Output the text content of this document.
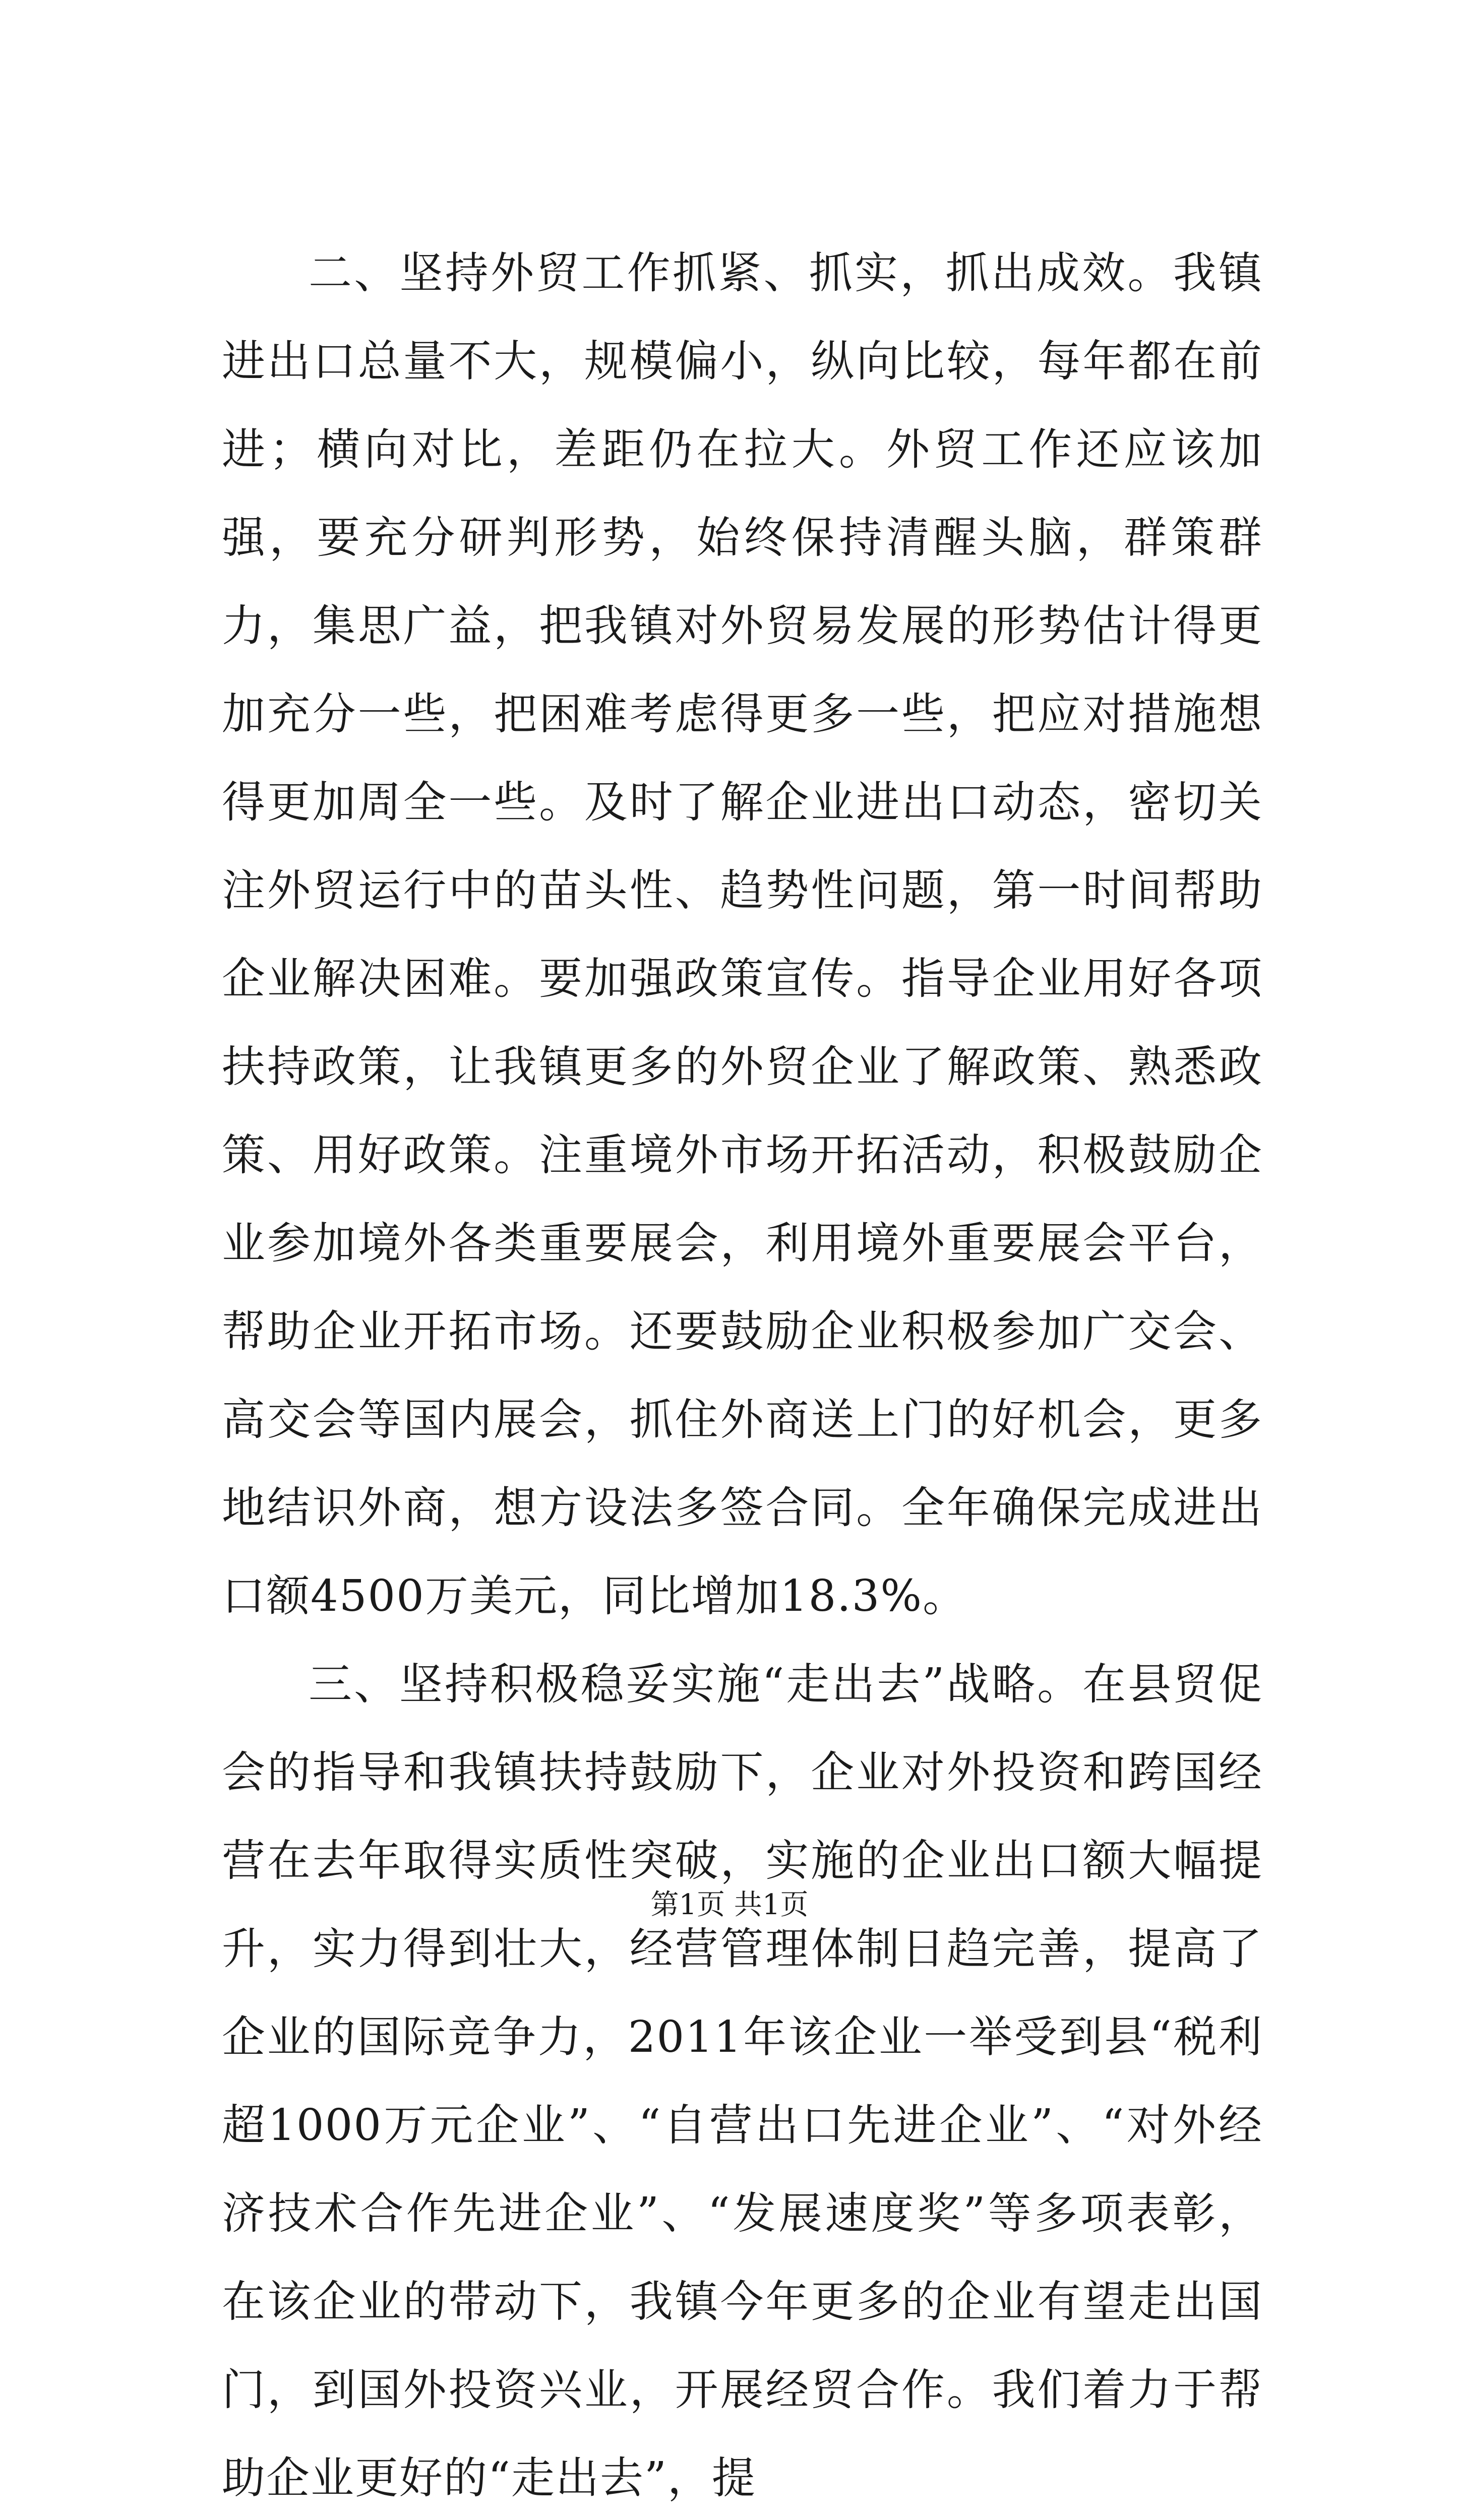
二、坚持外贸工作抓紧、抓实，抓出成效。我镇进出口总量不大，规模偏小，纵向比较，每年都在前进；横向对比，差距仍在拉大。外贸工作还应该加强，要充分研判形势，始终保持清醒头脑，群策群力，集思广益，把我镇对外贸易发展的形势估计得更加充分一些，把困难考虑得更多一些，把应对措施想得更加周全一些。及时了解企业进出口动态，密切关注外贸运行中的苗头性、趋势性问题，第一时间帮助企业解决困难。要加强政策宣传。指导企业用好各项扶持政策，让我镇更多的外贸企业了解政策、熟悉政策、用好政策。注重境外市场开拓活动，积极鼓励企业参加境外各类重要展会，利用境外重要展会平台，帮助企业开拓市场。还要鼓励企业积极参加广交会、高交会等国内展会，抓住外商送上门的好机会，更多地结识外商，想方设法多签合同。全年确保完成进出口额4500万美元，同比增加18.3%。

三、坚持积极稳妥实施“走出去”战略。在县贸促会的指导和我镇扶持鼓励下，企业对外投资和跨国经营在去年取得实质性突破，实施的企业出口额大幅提升，实力得到壮大，经营管理体制日趋完善，提高了企业的国际竞争力，2011年该企业一举受到县“税利超1000万元企业”、“自营出口先进企业”、“对外经济技术合作先进企业”、“发展速度奖”等多项表彰，在该企业的带动下，我镇今年更多的企业有望走出国门，到国外投资兴业，开展经贸合作。我们着力于帮助企业更好的“走出去”，提

第1页 共1页
